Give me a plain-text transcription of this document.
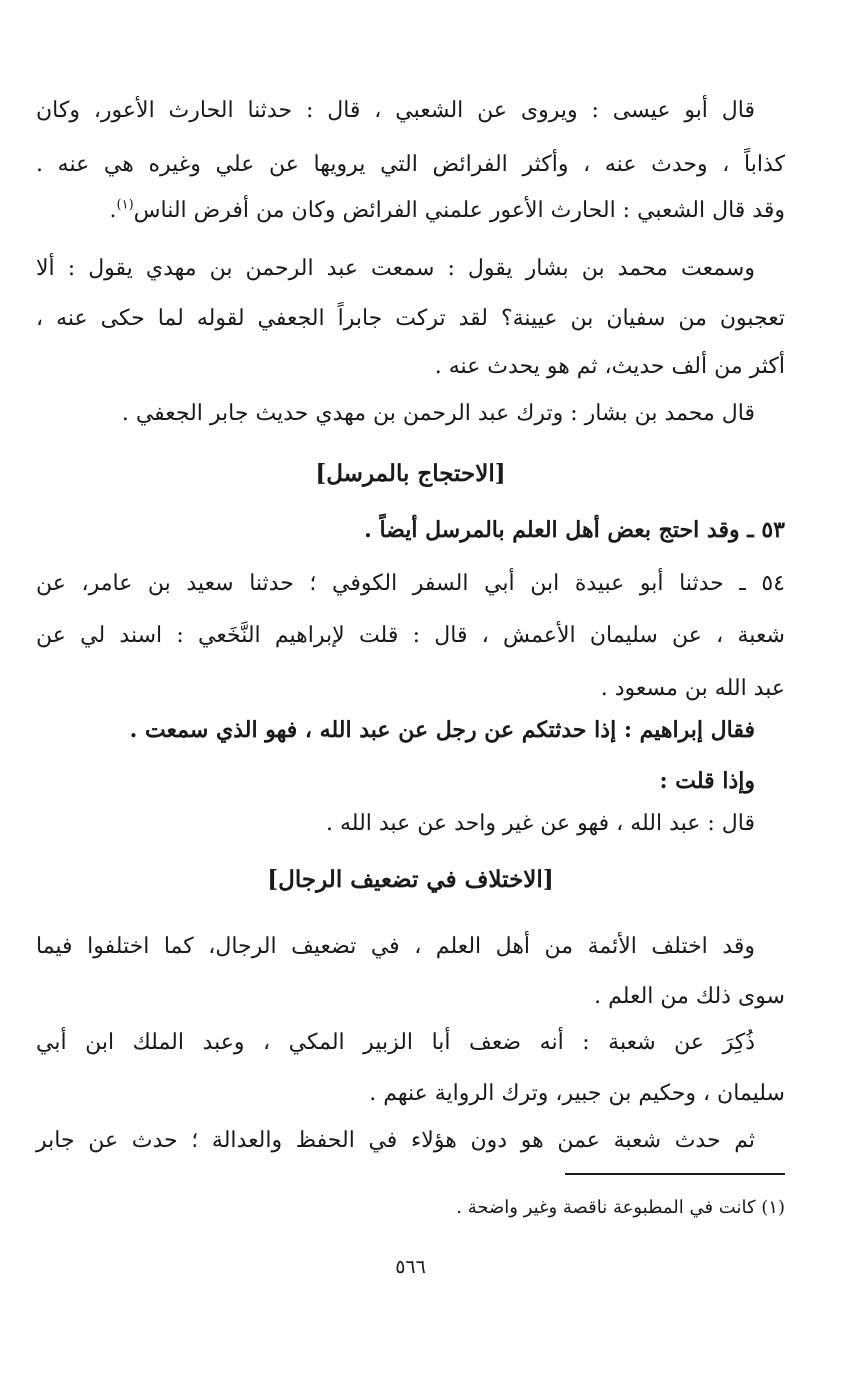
قال أبو عيسى : ويروى عن الشعبي ، قال : حدثنا الحارث الأعور، وكان
كذاباً ، وحدث عنه ، وأكثر الفرائض التي يرويها عن علي وغيره هي عنه .
وقد قال الشعبي : الحارث الأعور علمني الفرائض وكان من أفرض الناس$^{(١)}$.
وسمعت محمد بن بشار يقول : سمعت عبد الرحمن بن مهدي يقول : ألا
تعجبون من سفيان بن عيينة؟ لقد تركت جابراً الجعفي لقوله لما حكى عنه ،
أكثر من ألف حديث، ثم هو يحدث عنه .
قال محمد بن بشار : وترك عبد الرحمن بن مهدي حديث جابر الجعفي .
[الاحتجاج بالمرسل]
٥٣ ـ وقد احتج بعض أهل العلم بالمرسل أيضاً .
٥٤ ـ حدثنا أبو عبيدة ابن أبي السفر الكوفي ؛ حدثنا سعيد بن عامر، عن
شعبة ، عن سليمان الأعمش ، قال : قلت لإبراهيم النَّخَعي : اسند لي عن
عبد الله بن مسعود .
فقال إبراهيم : إذا حدثتكم عن رجل عن عبد الله ، فهو الذي سمعت .
وإذا قلت :
قال : عبد الله ، فهو عن غير واحد عن عبد الله .
[الاختلاف في تضعيف الرجال]
وقد اختلف الأئمة من أهل العلم ، في تضعيف الرجال، كما اختلفوا فيما
سوى ذلك من العلم .
ذُكِرَ عن شعبة : أنه ضعف أبا الزبير المكي ، وعبد الملك ابن أبي
سليمان ، وحكيم بن جبير، وترك الرواية عنهم .
ثم حدث شعبة عمن هو دون هؤلاء في الحفظ والعدالة ؛ حدث عن جابر
(١) كانت في المطبوعة ناقصة وغير واضحة .
٥٦٦
